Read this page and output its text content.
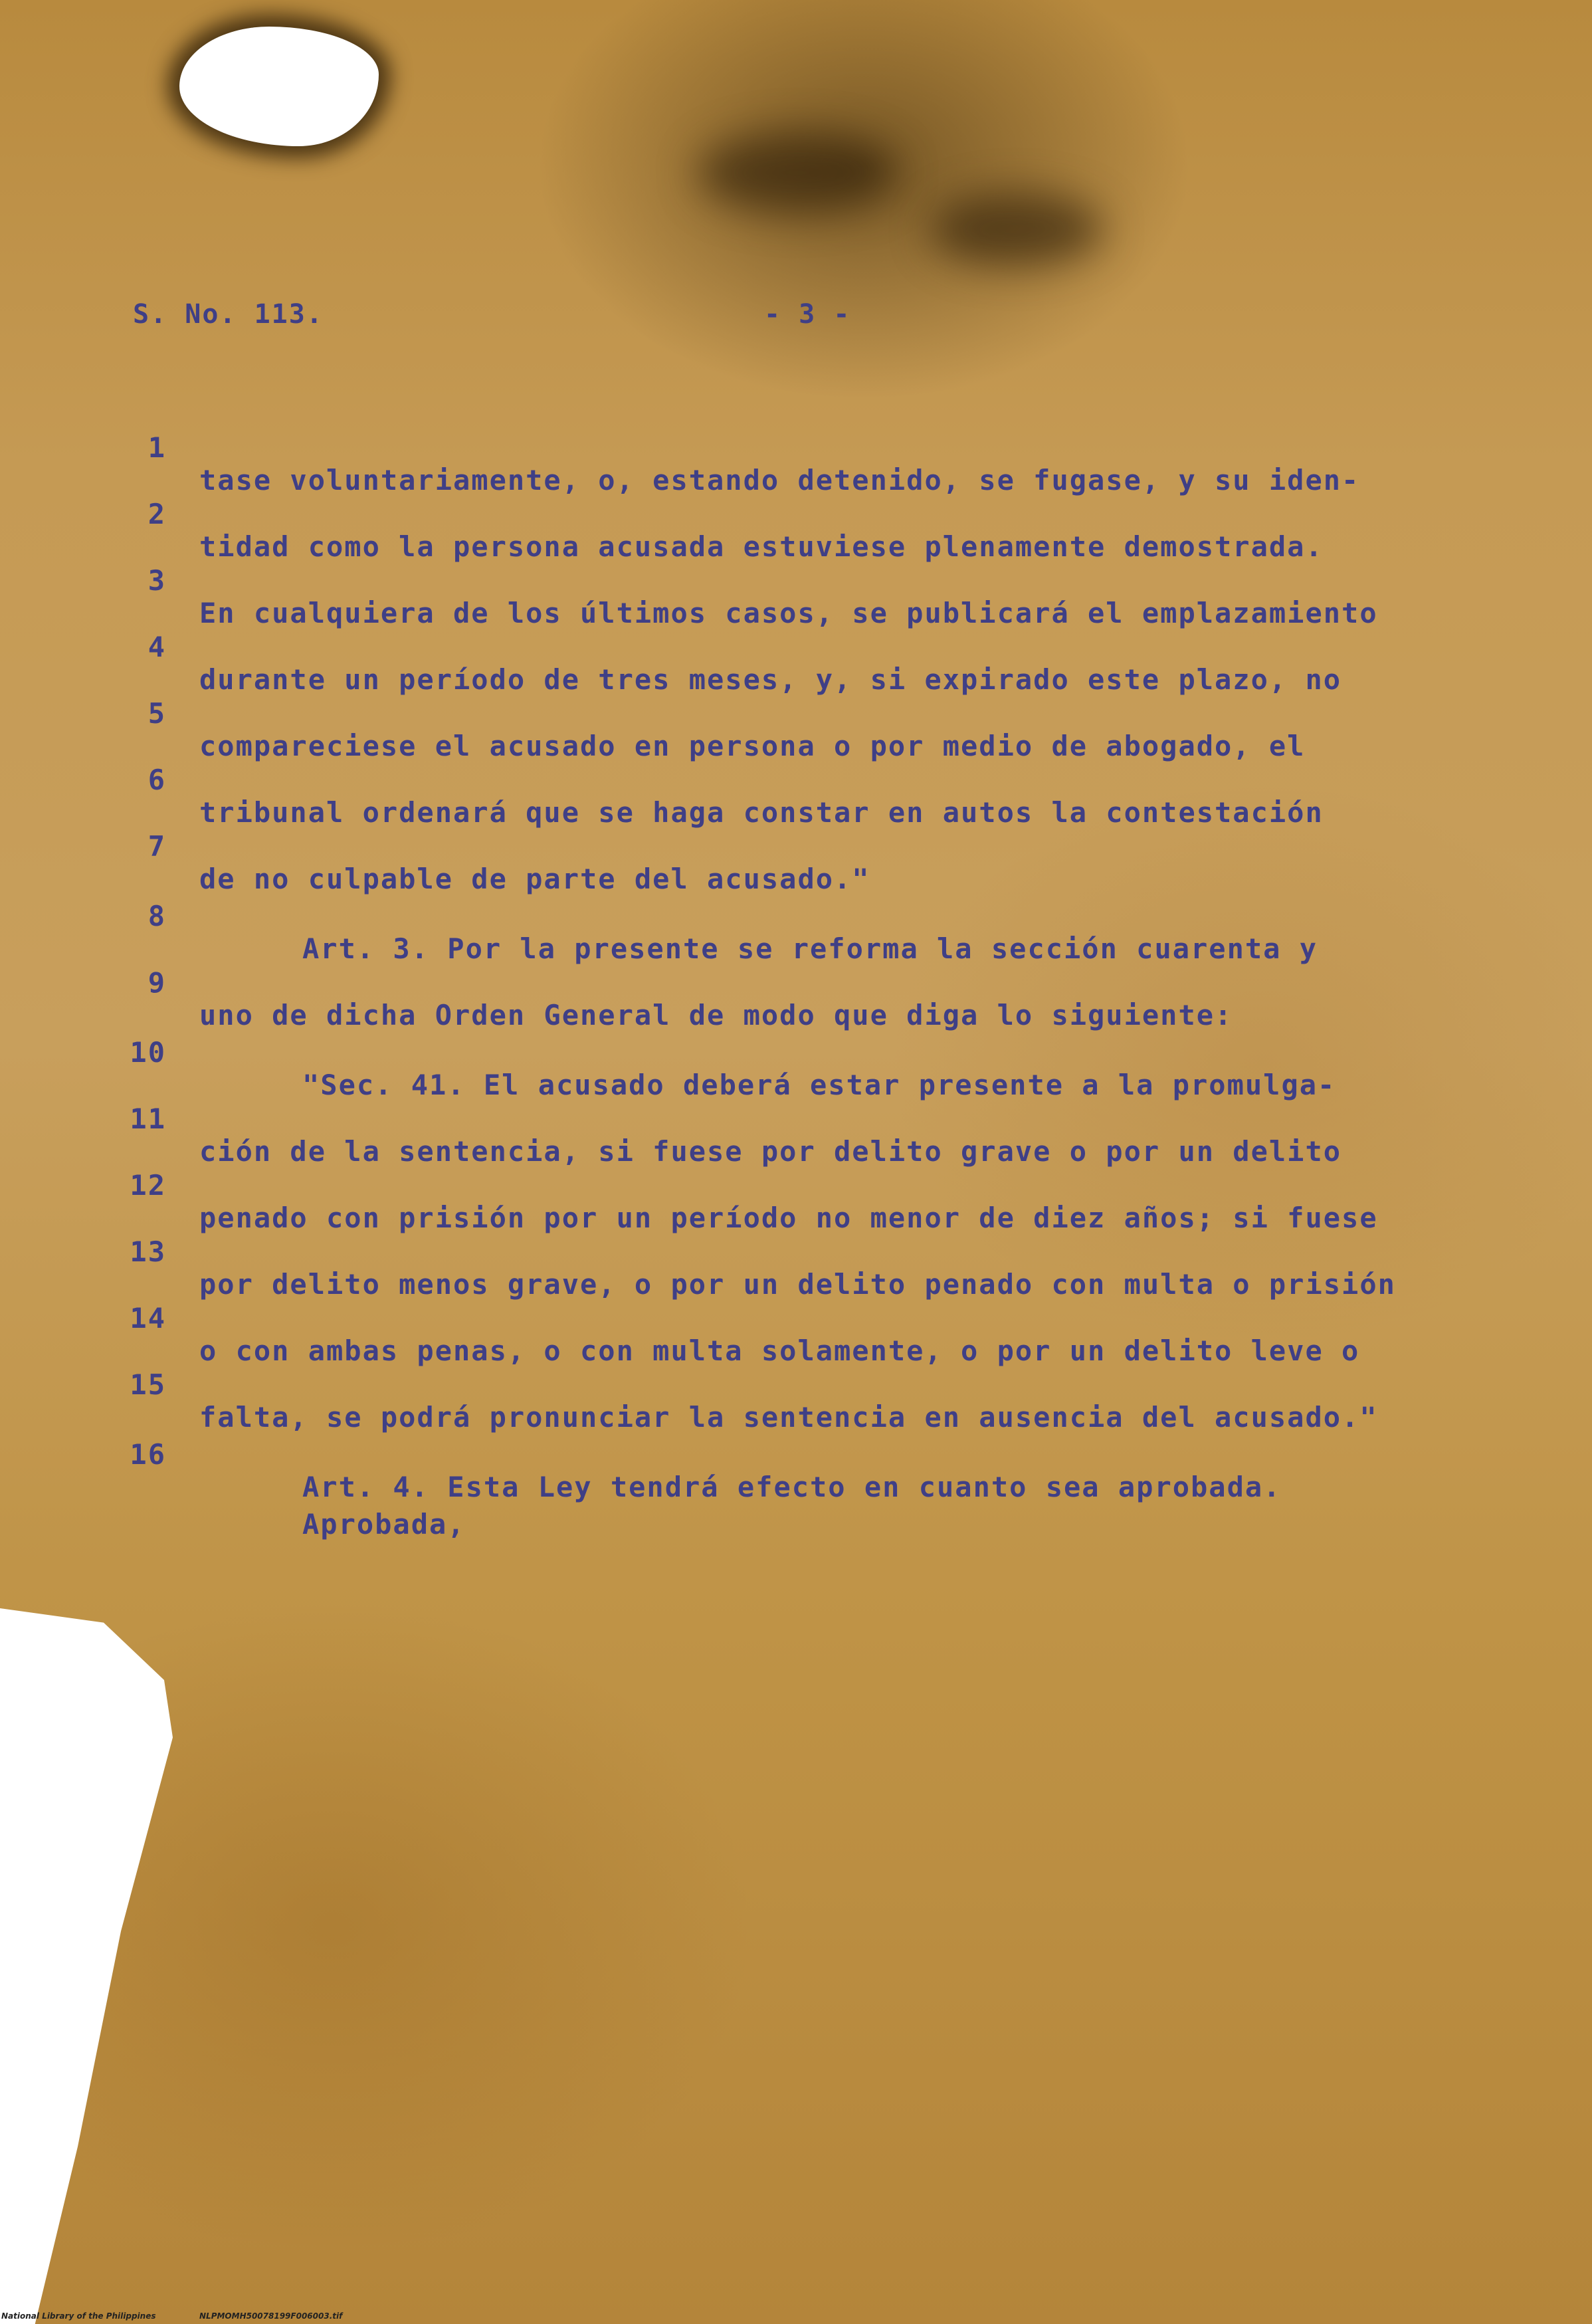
S. No. 113.	- 3 -

1

tase voluntariamente, o, estando detenido, se fugase, y su iden-

2

tidad como la persona acusada estuviese plenamente demostrada.

3

En cualquiera de los últimos casos, se publicará el emplazamiento

4

durante un período de tres meses, y, si expirado este plazo, no

5

compareciese el acusado en persona o por medio de abogado, el

6

tribunal ordenará que se haga constar en autos la contestación

7

de no culpable de parte del acusado."

8

Art. 3. Por la presente se reforma la sección cuarenta y

9

uno de dicha Orden General de modo que diga lo siguiente:

10

"Sec. 41. El acusado deberá estar presente a la promulga-

11

ción de la sentencia, si fuese por delito grave o por un delito

12

penado con prisión por un período no menor de diez años; si fuese

13

por delito menos grave, o por un delito penado con multa o prisión

14

o con ambas penas, o con multa solamente, o por un delito leve o

15

falta, se podrá pronunciar la sentencia en ausencia del acusado."

16

Art. 4. Esta Ley tendrá efecto en cuanto sea aprobada.

Aprobada,

National Library of the Philippines	NLPMOMH50078199F006003.tif
